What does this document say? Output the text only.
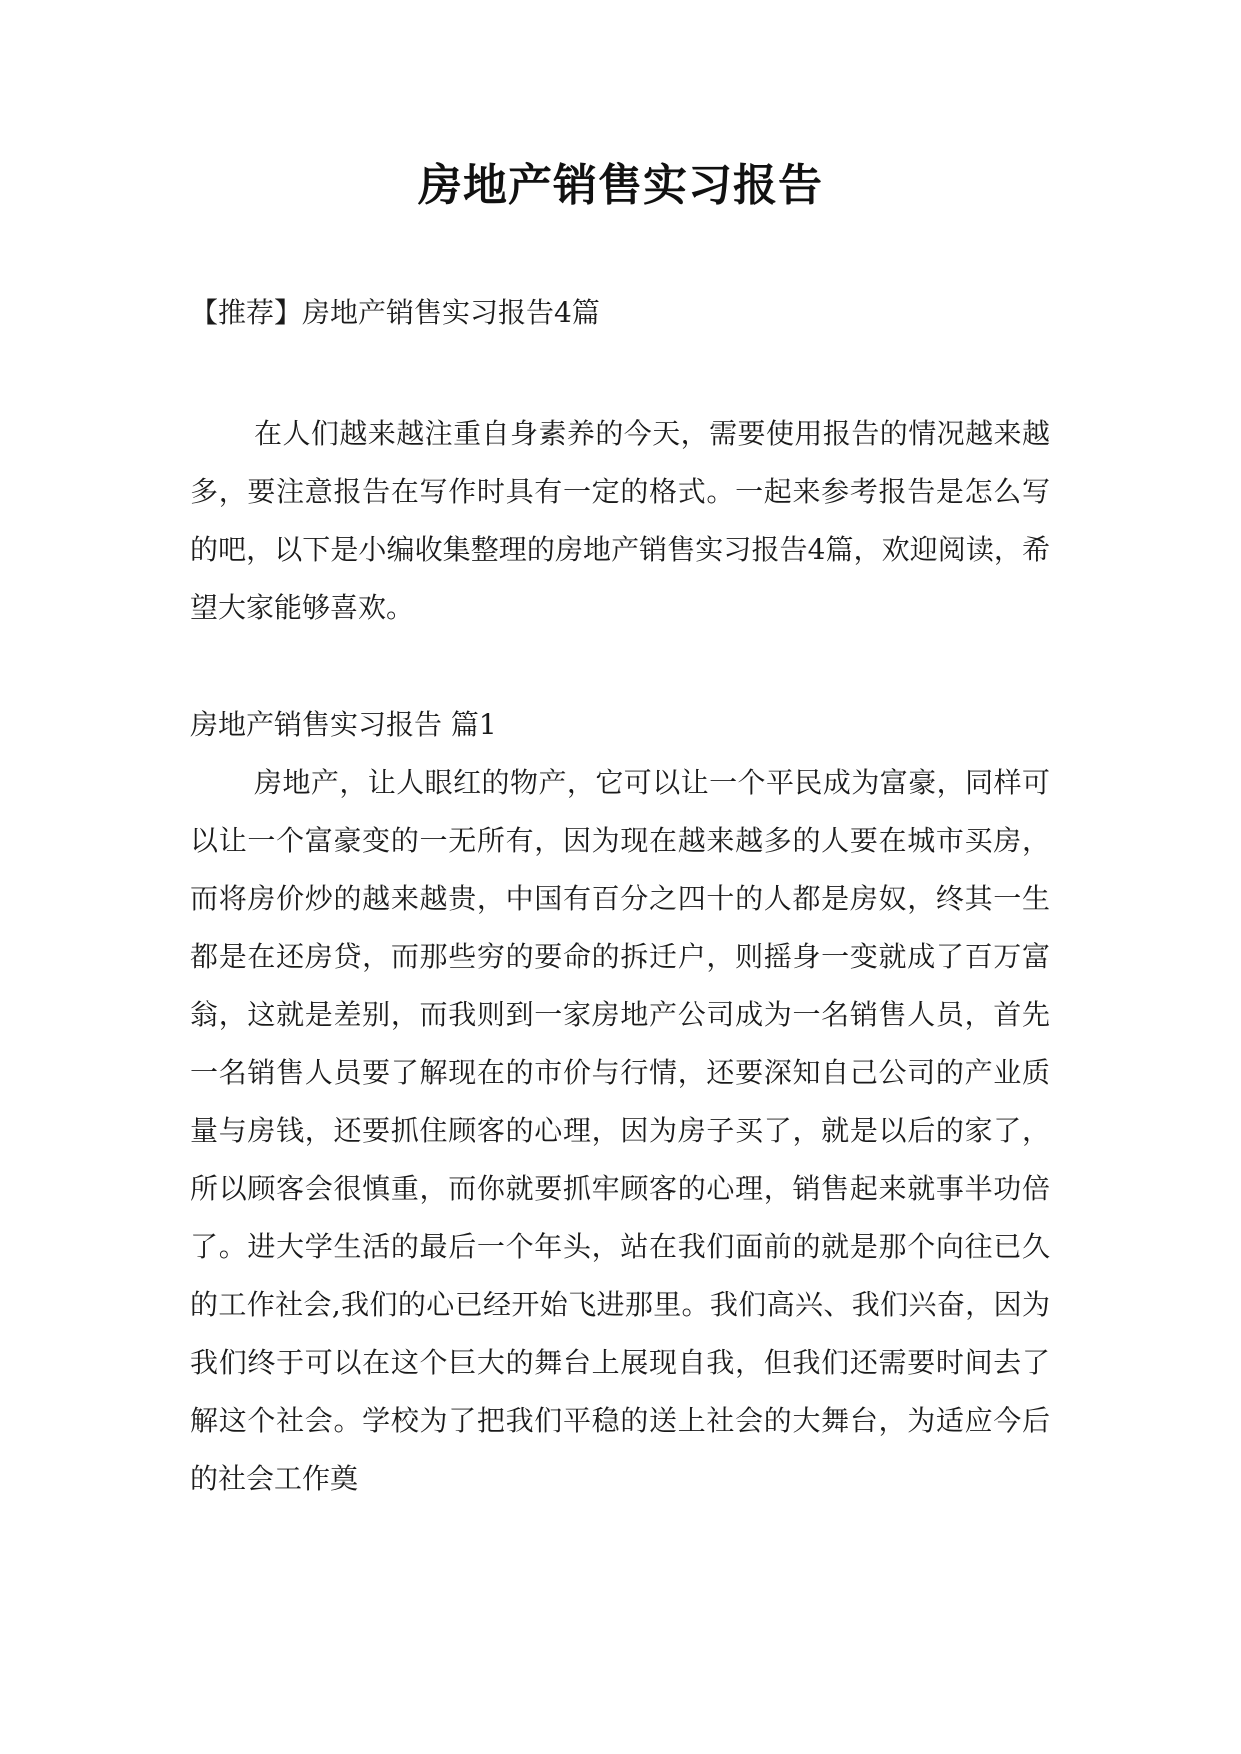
房地产销售实习报告
【推荐】房地产销售实习报告4篇

在人们越来越注重自身素养的今天，需要使用报告的情况越来越多，要注意报告在写作时具有一定的格式。一起来参考报告是怎么写的吧，以下是小编收集整理的房地产销售实习报告4篇，欢迎阅读，希望大家能够喜欢。

房地产销售实习报告 篇1

房地产，让人眼红的物产，它可以让一个平民成为富豪，同样可以让一个富豪变的一无所有，因为现在越来越多的人要在城市买房，而将房价炒的越来越贵，中国有百分之四十的人都是房奴，终其一生都是在还房贷，而那些穷的要命的拆迁户，则摇身一变就成了百万富翁，这就是差别，而我则到一家房地产公司成为一名销售人员，首先一名销售人员要了解现在的市价与行情，还要深知自己公司的产业质量与房钱，还要抓住顾客的心理，因为房子买了，就是以后的家了，所以顾客会很慎重，而你就要抓牢顾客的心理，销售起来就事半功倍了。进大学生活的最后一个年头，站在我们面前的就是那个向往已久的工作社会,我们的心已经开始飞进那里。我们高兴、我们兴奋，因为我们终于可以在这个巨大的舞台上展现自我，但我们还需要时间去了解这个社会。学校为了把我们平稳的送上社会的大舞台，为适应今后的社会工作奠
